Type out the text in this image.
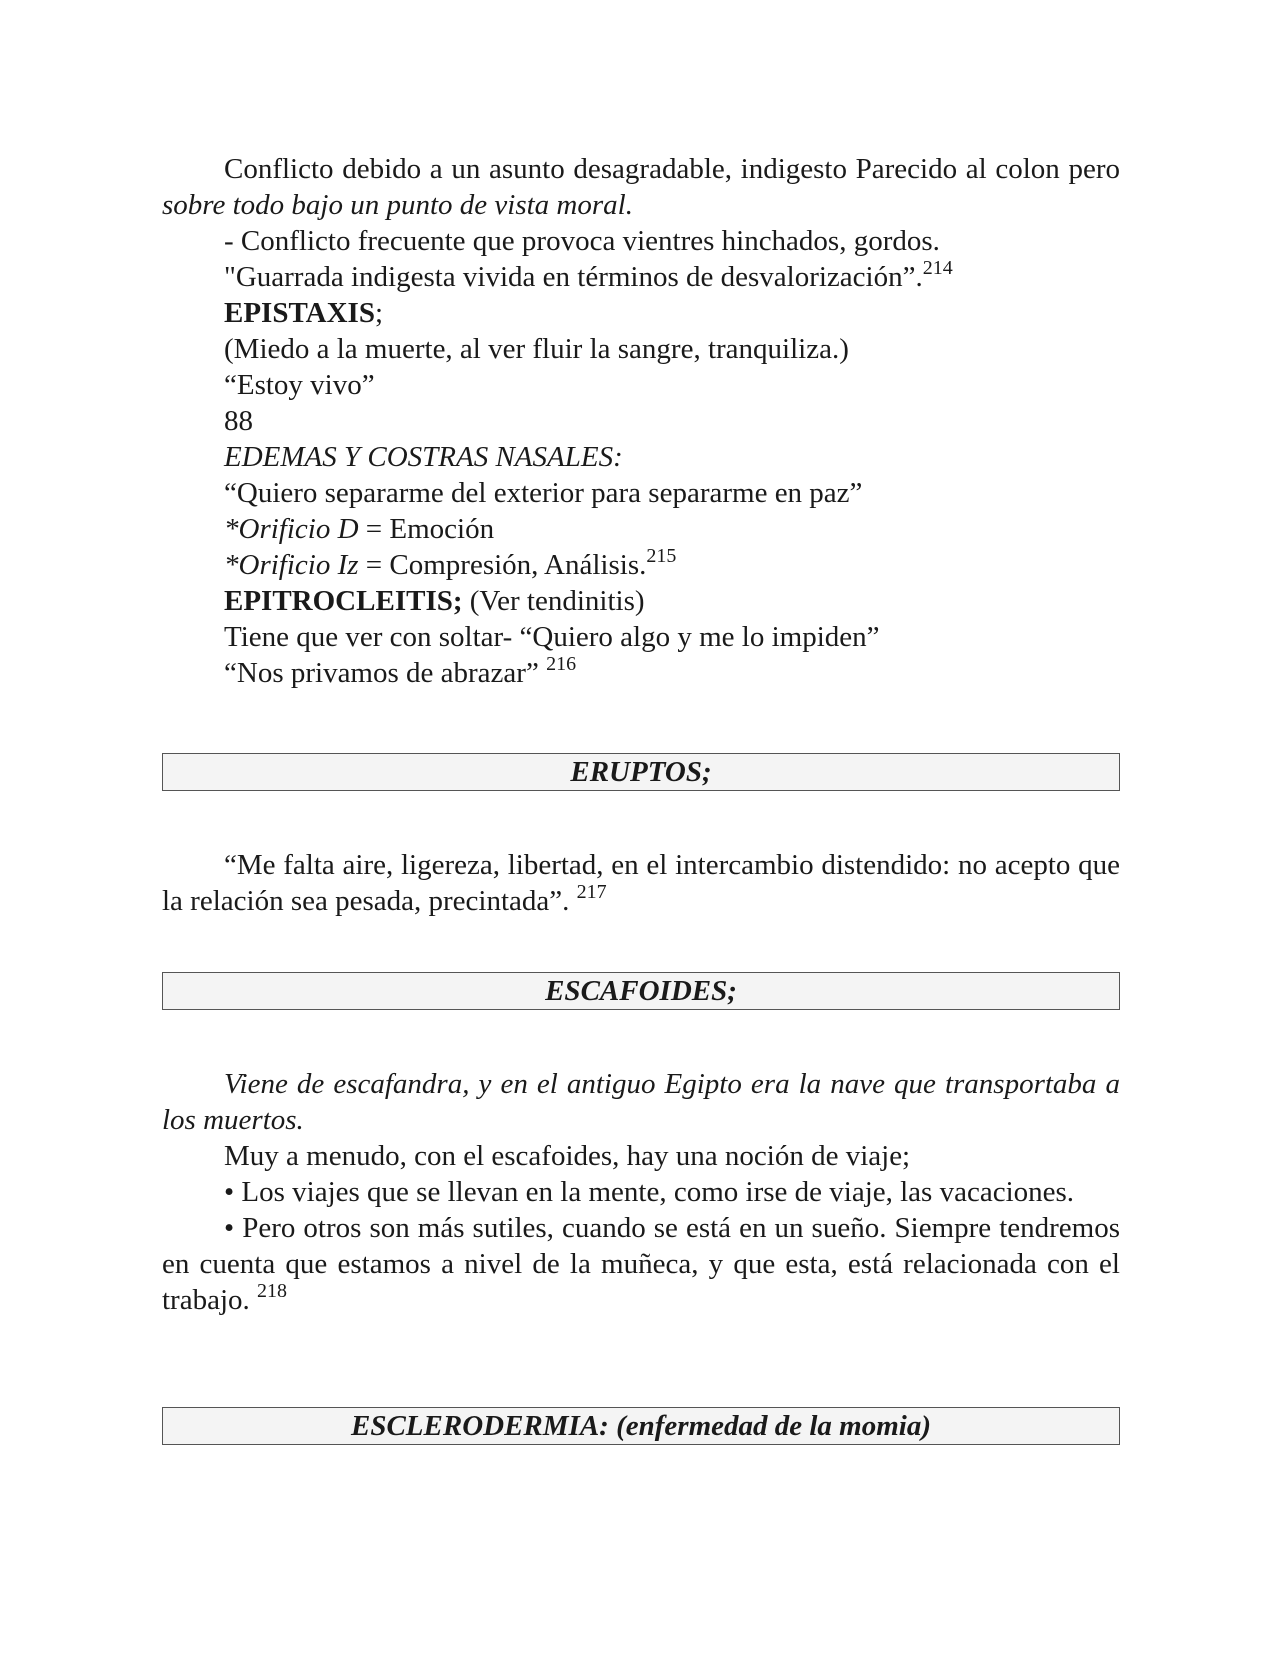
Conflicto debido a un asunto desagradable, indigesto Parecido al colon pero sobre todo bajo un punto de vista moral.

- Conflicto frecuente que provoca vientres hinchados, gordos.

"Guarrada indigesta vivida en términos de desvalorización”.$^{214}$

EPISTAXIS;

(Miedo a la muerte, al ver fluir la sangre, tranquiliza.)

“Estoy vivo”

88

EDEMAS Y COSTRAS NASALES:

“Quiero separarme del exterior para separarme en paz”

*Orificio D = Emoción

*Orificio Iz = Compresión, Análisis.$^{215}$

EPITROCLEITIS; (Ver tendinitis)

Tiene que ver con soltar- “Quiero algo y me lo impiden”

“Nos privamos de abrazar” $^{216}$

ERUPTOS;

“Me falta aire, ligereza, libertad, en el intercambio distendido: no acepto que la relación sea pesada, precintada”. $^{217}$

ESCAFOIDES;

Viene de escafandra, y en el antiguo Egipto era la nave que transportaba a los muertos.

Muy a menudo, con el escafoides, hay una noción de viaje;

• Los viajes que se llevan en la mente, como irse de viaje, las vacaciones.

• Pero otros son más sutiles, cuando se está en un sueño. Siempre tendremos en cuenta que estamos a nivel de la muñeca, y que esta, está relacionada con el trabajo. $^{218}$

ESCLERODERMIA: (enfermedad de la momia)
